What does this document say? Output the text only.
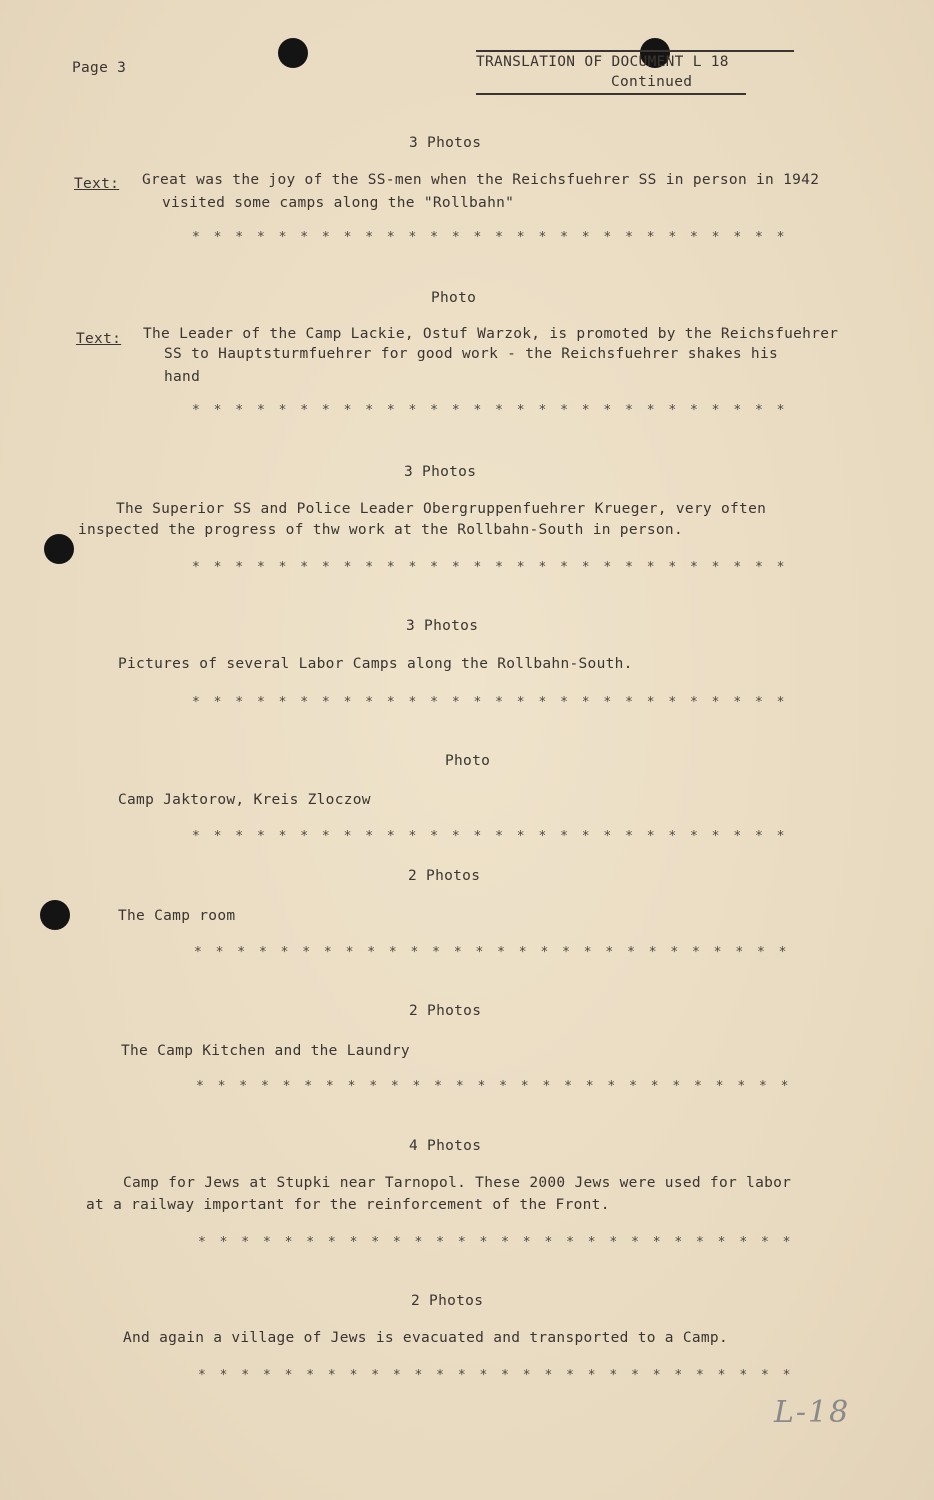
Page 3	TRANSLATION OF DOCUMENT L 18
Continued
3 Photos
Text: Great was the joy of the SS-men when the Reichsfuehrer SS in person in 1942
visited some camps along the "Rollbahn"
* * * * * * * * * * * * * * * * * * * * * * * * * * * *
Photo
Text: The Leader of the Camp Lackie, Ostuf Warzok, is promoted by the Reichsfuehrer
SS to Hauptsturmfuehrer for good work - the Reichsfuehrer shakes his
hand
* * * * * * * * * * * * * * * * * * * * * * * * * * * *
3 Photos
The Superior SS and Police Leader Obergruppenfuehrer Krueger, very often
inspected the progress of thw work at the Rollbahn-South in person.
* * * * * * * * * * * * * * * * * * * * * * * * * * * *
3 Photos
Pictures of several Labor Camps along the Rollbahn-South.
* * * * * * * * * * * * * * * * * * * * * * * * * * * *
Photo
Camp Jaktorow, Kreis Zloczow
* * * * * * * * * * * * * * * * * * * * * * * * * * * *
2 Photos
The Camp room
* * * * * * * * * * * * * * * * * * * * * * * * * * * *
2 Photos
The Camp Kitchen and the Laundry
* * * * * * * * * * * * * * * * * * * * * * * * * * * *
4 Photos
Camp for Jews at Stupki near Tarnopol. These 2000 Jews were used for labor
at a railway important for the reinforcement of the Front.
* * * * * * * * * * * * * * * * * * * * * * * * * * * *
2 Photos
And again a village of Jews is evacuated and transported to a Camp.
* * * * * * * * * * * * * * * * * * * * * * * * * * * *
L-18
